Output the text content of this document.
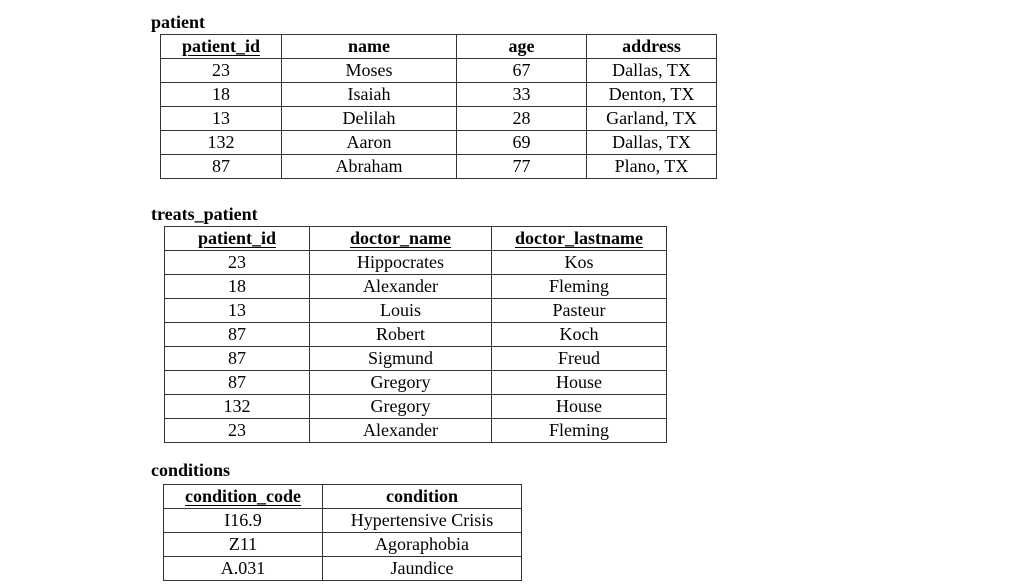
patient
patient_id	name	age	address
23	Moses	67	Dallas, TX
18	Isaiah	33	Denton, TX
13	Delilah	28	Garland, TX
132	Aaron	69	Dallas, TX
87	Abraham	77	Plano, TX
treats_patient
patient_id	doctor_name	doctor_lastname
23	Hippocrates	Kos
18	Alexander	Fleming
13	Louis	Pasteur
87	Robert	Koch
87	Sigmund	Freud
87	Gregory	House
132	Gregory	House
23	Alexander	Fleming
conditions
condition_code	condition
I16.9	Hypertensive Crisis
Z11	Agoraphobia
A.031	Jaundice
